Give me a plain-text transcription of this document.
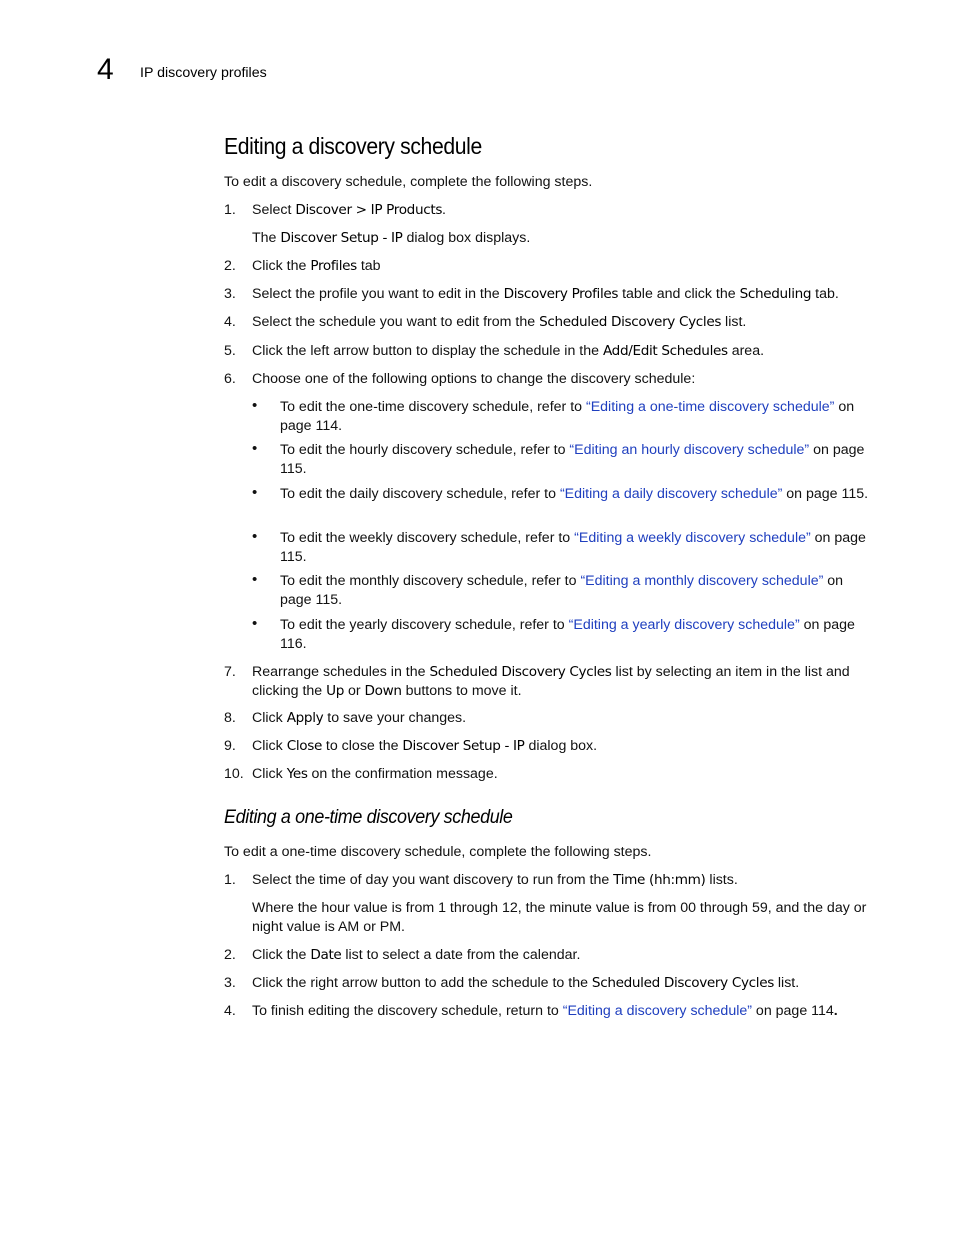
4 IP discovery profiles
Editing a discovery schedule

To edit a discovery schedule, complete the following steps.

1.	Select Discover > IP Products.

The Discover Setup - IP dialog box displays.

2.	Click the Profiles tab
3.	Select the profile you want to edit in the Discovery Profiles table and click the Scheduling tab.
4.	Select the schedule you want to edit from the Scheduled Discovery Cycles list.
5.	Click the left arrow button to display the schedule in the Add/Edit Schedules area.
6.	Choose one of the following options to change the discovery schedule:
• To edit the one-time discovery schedule, refer to “Editing a one-time discovery schedule” on page 114.
• To edit the hourly discovery schedule, refer to “Editing an hourly discovery schedule” on page 115.
• To edit the daily discovery schedule, refer to “Editing a daily discovery schedule” on page 115.
• To edit the weekly discovery schedule, refer to “Editing a weekly discovery schedule” on page 115.
• To edit the monthly discovery schedule, refer to “Editing a monthly discovery schedule” on page 115.
• To edit the yearly discovery schedule, refer to “Editing a yearly discovery schedule” on page 116.
7.	Rearrange schedules in the Scheduled Discovery Cycles list by selecting an item in the list and clicking the Up or Down buttons to move it.
8.	Click Apply to save your changes.
9.	Click Close to close the Discover Setup - IP dialog box.
10. Click Yes on the confirmation message.
Editing a one-time discovery schedule

To edit a one-time discovery schedule, complete the following steps.

1.	Select the time of day you want discovery to run from the Time (hh:mm) lists.

Where the hour value is from 1 through 12, the minute value is from 00 through 59, and the day or night value is AM or PM.

2.	Click the Date list to select a date from the calendar.
3.	Click the right arrow button to add the schedule to the Scheduled Discovery Cycles list.
4.	To finish editing the discovery schedule, return to “Editing a discovery schedule” on page 114.
